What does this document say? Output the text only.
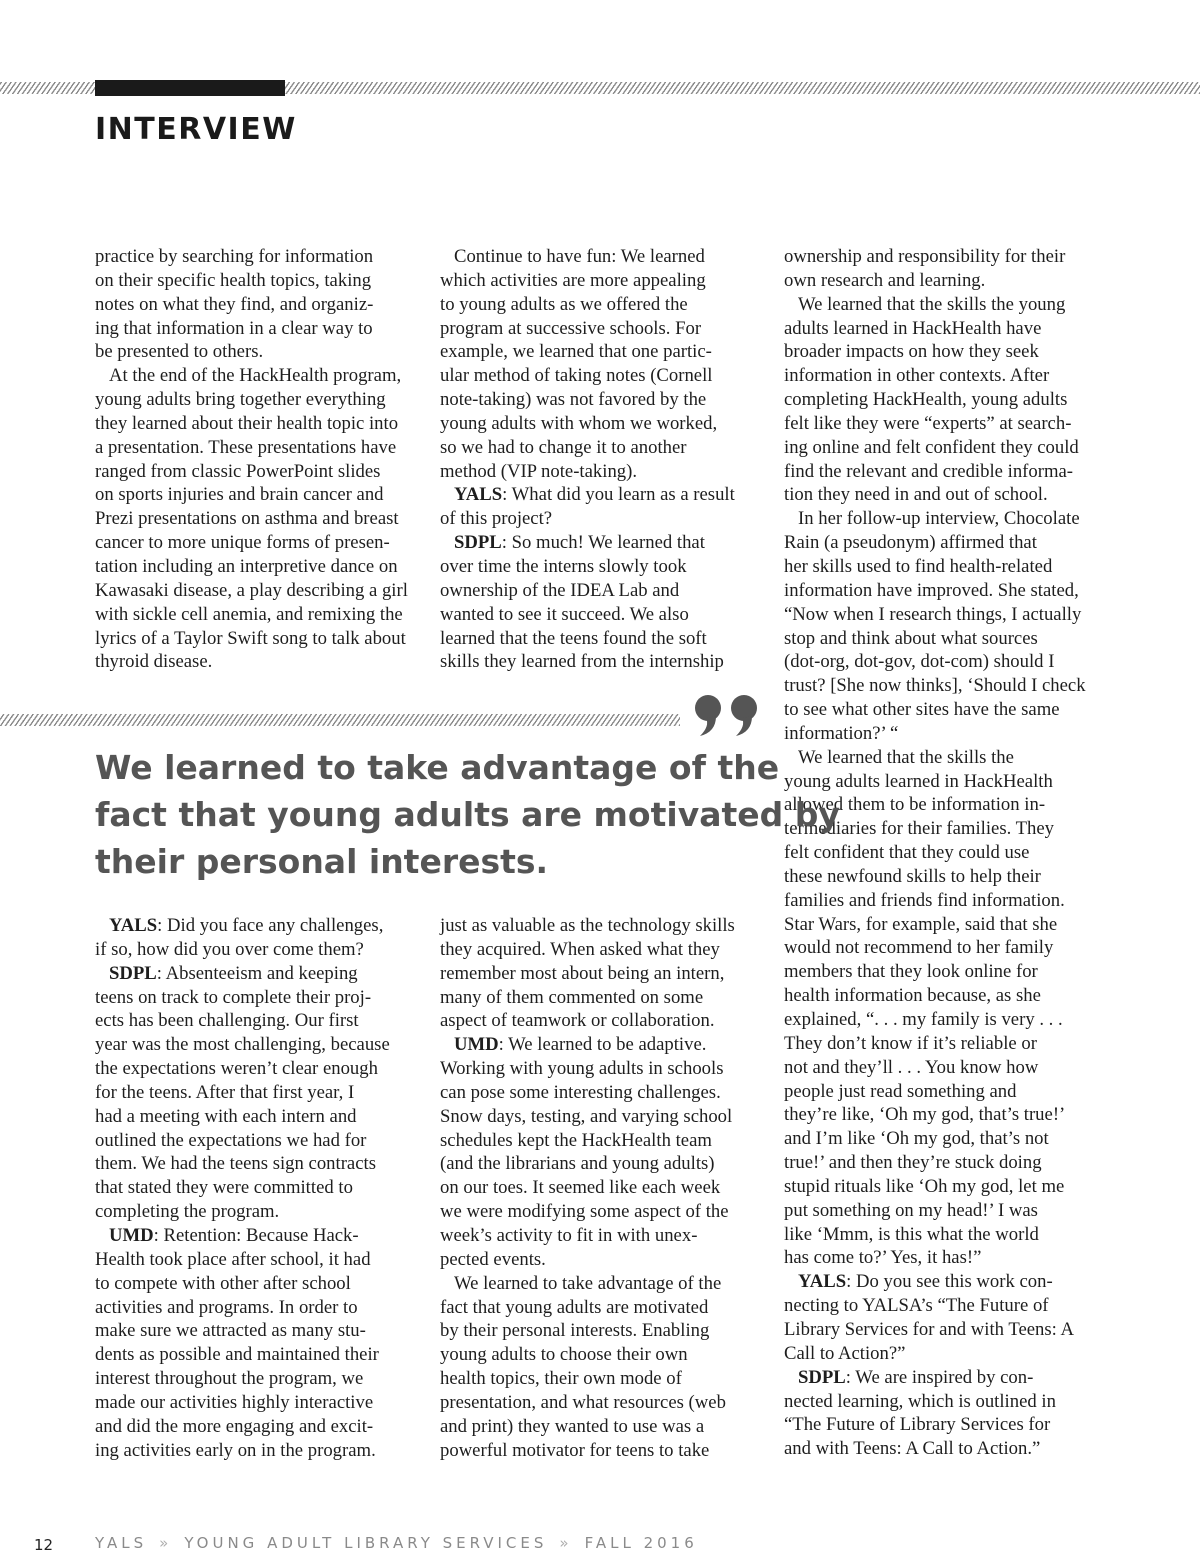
INTERVIEW

practice by searching for information

on their specific health topics, taking

notes on what they find, and organiz-

ing that information in a clear way to

be presented to others.

At the end of the HackHealth program,

young adults bring together everything

they learned about their health topic into

a presentation. These presentations have

ranged from classic PowerPoint slides

on sports injuries and brain cancer and

Prezi presentations on asthma and breast

cancer to more unique forms of presen-

tation including an interpretive dance on

Kawasaki disease, a play describing a girl

with sickle cell anemia, and remixing the

lyrics of a Taylor Swift song to talk about

thyroid disease.

Continue to have fun: We learned

which activities are more appealing

to young adults as we offered the

program at successive schools. For

example, we learned that one partic-

ular method of taking notes (Cornell

note-taking) was not favored by the

young adults with whom we worked,

so we had to change it to another

method (VIP note-taking).

YALS: What did you learn as a result

of this project?

SDPL: So much! We learned that

over time the interns slowly took

ownership of the IDEA Lab and

wanted to see it succeed. We also

learned that the teens found the soft

skills they learned from the internship

ownership and responsibility for their

own research and learning.

We learned that the skills the young

adults learned in HackHealth have

broader impacts on how they seek

information in other contexts. After

completing HackHealth, young adults

felt like they were “experts” at search-

ing online and felt confident they could

find the relevant and credible informa-

tion they need in and out of school.

In her follow-up interview, Chocolate

Rain (a pseudonym) affirmed that

her skills used to find health-related

information have improved. She stated,

“Now when I research things, I actually

stop and think about what sources

(dot-org, dot-gov, dot-com) should I

trust? [She now thinks], ‘Should I check

to see what other sites have the same

information?’ “

We learned that the skills the

young adults learned in HackHealth

allowed them to be information in-

termediaries for their families. They

felt confident that they could use

these newfound skills to help their

families and friends find information.

Star Wars, for example, said that she

would not recommend to her family

members that they look online for

health information because, as she

explained, “. . . my family is very . . .

They don’t know if it’s reliable or

not and they’ll . . . You know how

people just read something and

they’re like, ‘Oh my god, that’s true!’

and I’m like ‘Oh my god, that’s not

true!’ and then they’re stuck doing

stupid rituals like ‘Oh my god, let me

put something on my head!’ I was

like ‘Mmm, is this what the world

has come to?’ Yes, it has!”

YALS: Do you see this work con-

necting to YALSA’s “The Future of

Library Services for and with Teens: A

Call to Action?”

SDPL: We are inspired by con-

nected learning, which is outlined in

“The Future of Library Services for

and with Teens: A Call to Action.”

We learned to take advantage of the
fact that young adults are motivated by
their personal interests.

YALS: Did you face any challenges,

if so, how did you over come them?

SDPL: Absenteeism and keeping

teens on track to complete their proj-

ects has been challenging. Our first

year was the most challenging, because

the expectations weren’t clear enough

for the teens. After that first year, I

had a meeting with each intern and

outlined the expectations we had for

them. We had the teens sign contracts

that stated they were committed to

completing the program.

UMD: Retention: Because Hack-

Health took place after school, it had

to compete with other after school

activities and programs. In order to

make sure we attracted as many stu-

dents as possible and maintained their

interest throughout the program, we

made our activities highly interactive

and did the more engaging and excit-

ing activities early on in the program.

just as valuable as the technology skills

they acquired. When asked what they

remember most about being an intern,

many of them commented on some

aspect of teamwork or collaboration.

UMD: We learned to be adaptive.

Working with young adults in schools

can pose some interesting challenges.

Snow days, testing, and varying school

schedules kept the HackHealth team

(and the librarians and young adults)

on our toes. It seemed like each week

we were modifying some aspect of the

week’s activity to fit in with unex-

pected events.

We learned to take advantage of the

fact that young adults are motivated

by their personal interests. Enabling

young adults to choose their own

health topics, their own mode of

presentation, and what resources (web

and print) they wanted to use was a

powerful motivator for teens to take

12	YALS » YOUNG ADULT LIBRARY SERVICES » FALL 2016
